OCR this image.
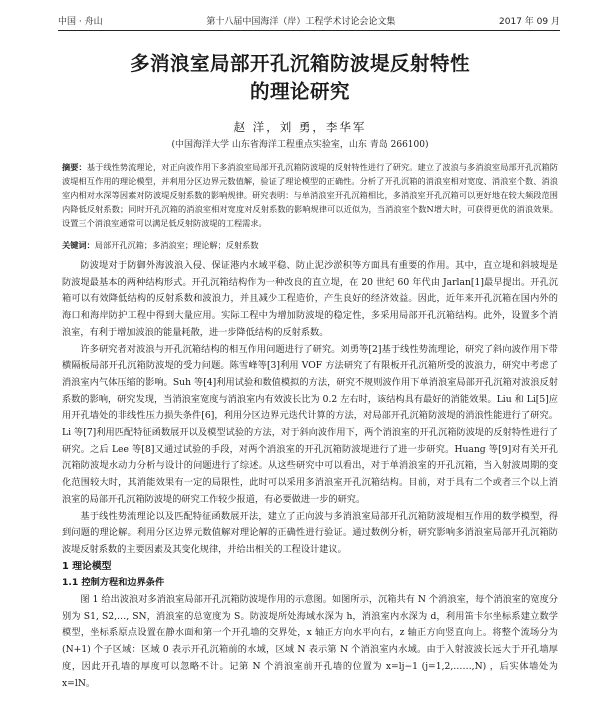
中国 · 舟山	第十八届中国海洋（岸）工程学术讨论会论文集	2017 年 09 月
多消浪室局部开孔沉箱防波堤反射特性
的理论研究
赵 洋，刘 勇，李华军
(中国海洋大学 山东省海洋工程重点实验室，山东 青岛 266100)
摘要：基于线性势流理论，对正向波作用下多消浪室局部开孔沉箱防波堤的反射特性进行了研究。建立了波浪与多消浪室局部开孔沉箱防波堤相互作用的理论模型，并利用分区边界元数值解，验证了理论模型的正确性。分析了开孔沉箱的消浪室相对宽度、消浪室个数、消浪室内相对水深等因素对防波堤反射系数的影响规律。研究表明：与单消浪室开孔沉箱相比，多消浪室开孔沉箱可以更好地在较大频段范围内降低反射系数；同时开孔沉箱的消浪室相对宽度对反射系数的影响规律可以近似为，当消浪室个数N增大时，可获得更优的消浪效果。设置三个消浪室通常可以满足低反射防波堤的工程需求。
关键词：局部开孔沉箱；多消浪室；理论解；反射系数

防波堤对于防御外海波浪入侵、保证港内水域平稳、防止泥沙淤积等方面具有重要的作用。其中，直立堤和斜坡堤是防波堤最基本的两种结构形式。开孔沉箱结构作为一种改良的直立堤，在 20 世纪 60 年代由 Jarlan[1]最早提出。开孔沉箱可以有效降低结构的反射系数和波浪力，并且减少工程造价，产生良好的经济效益。因此，近年来开孔沉箱在国内外的海口和海岸防护工程中得到大量应用。实际工程中为增加防波堤的稳定性，多采用局部开孔沉箱结构。此外，设置多个消浪室，有利于增加波浪的能量耗散，进一步降低结构的反射系数。

许多研究者对波浪与开孔沉箱结构的相互作用问题进行了研究。刘勇等[2]基于线性势流理论，研究了斜向波作用下带横隔板局部开孔沉箱防波堤的受力问题。陈雪峰等[3]利用 VOF 方法研究了有限板开孔沉箱所受的波浪力，研究中考虑了消浪室内气体压缩的影响。Suh 等[4]利用试验和数值模拟的方法，研究不规则波作用下单消浪室局部开孔沉箱对波浪反射系数的影响，研究发现，当消浪室宽度与消浪室内有效波长比为 0.2 左右时，该结构具有最好的消能效果。Liu 和 Li[5]应用开孔墙处的非线性压力损失条件[6]，利用分区边界元迭代计算的方法，对局部开孔沉箱防波堤的消浪性能进行了研究。Li 等[7]利用匹配特征函数展开以及模型试验的方法，对于斜向波作用下，两个消浪室的开孔沉箱防波堤的反射特性进行了研究。之后 Lee 等[8]又通过试验的手段，对两个消浪室的开孔沉箱防波堤进行了进一步研究。Huang 等[9]对有关开孔沉箱防波堤水动力分析与设计的问题进行了综述。从这些研究中可以看出，对于单消浪室的开孔沉箱，当入射波周期的变化范围较大时，其消能效果有一定的局限性，此时可以采用多消浪室开孔沉箱结构。目前，对于具有二个或者三个以上消浪室的局部开孔沉箱防波堤的研究工作较少报道，有必要做进一步的研究。

基于线性势流理论以及匹配特征函数展开法，建立了正向波与多消浪室局部开孔沉箱防波堤相互作用的数学模型，得到问题的理论解。利用分区边界元数值解对理论解的正确性进行验证。通过数例分析，研究影响多消浪室局部开孔沉箱防波堤反射系数的主要因素及其变化规律，并给出相关的工程设计建议。

1 理论模型

1.1 控制方程和边界条件

图 1 给出波浪对多消浪室局部开孔沉箱防波堤作用的示意图。如图所示，沉箱共有 N 个消浪室，每个消浪室的宽度分别为 S1, S2,…, SN，消浪室的总宽度为 S。防波堤所处海域水深为 h，消浪室内水深为 d，利用笛卡尔坐标系建立数学模型，坐标系原点设置在静水面和第一个开孔墙的交界处，x 轴正方向水平向右，z 轴正方向竖直向上。将整个流场分为 (N+1) 个子区域：区域 0 表示开孔沉箱前的水域，区域 N 表示第 N 个消浪室内水域。由于入射波波长远大于开孔墙厚度，因此开孔墙的厚度可以忽略不计。记第 N 个消浪室前开孔墙的位置为 x=lj−1 (j=1,2,……,N) ，后实体墙处为 x=lN。
